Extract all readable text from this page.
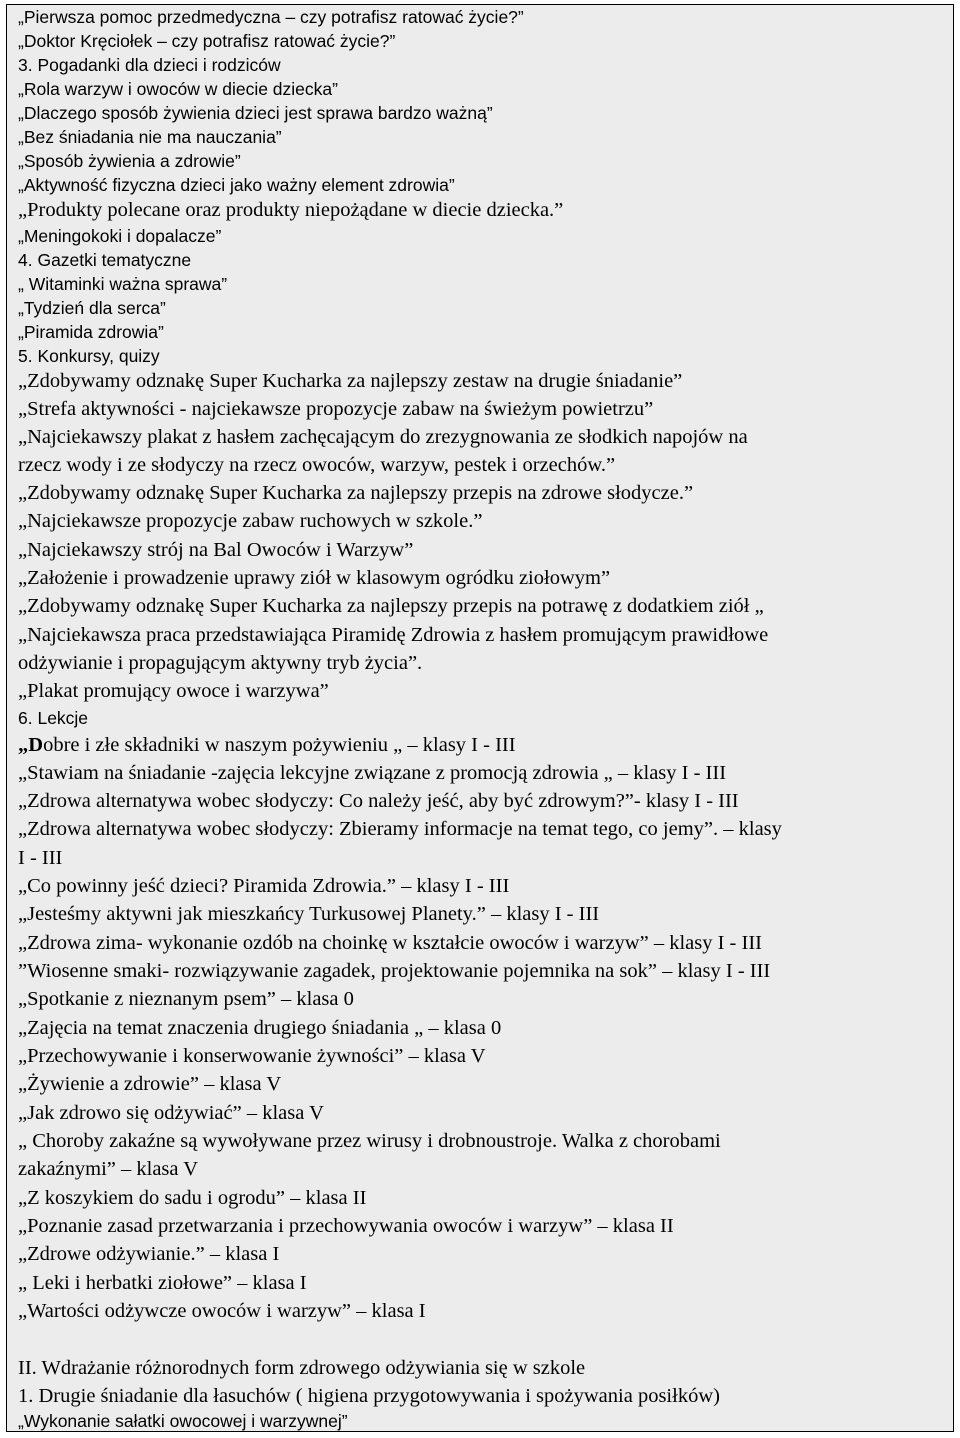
„Pierwsza pomoc przedmedyczna – czy potrafisz ratować życie?”

„Doktor Kręciołek – czy potrafisz ratować życie?”

3. Pogadanki dla dzieci i rodziców

„Rola warzyw i owoców w diecie dziecka”

„Dlaczego sposób żywienia dzieci jest sprawa bardzo ważną”

„Bez śniadania nie ma nauczania”

„Sposób żywienia a zdrowie”

„Aktywność fizyczna dzieci jako ważny element zdrowia”

„Produkty polecane oraz produkty niepożądane w diecie dziecka.”

„Meningokoki i dopalacze”

4. Gazetki tematyczne

„ Witaminki ważna sprawa”

„Tydzień dla serca”

„Piramida zdrowia”

5. Konkursy, quizy

„Zdobywamy odznakę Super Kucharka za najlepszy zestaw na drugie śniadanie”

„Strefa aktywności - najciekawsze propozycje zabaw na świeżym powietrzu”

„Najciekawszy plakat z hasłem zachęcającym do zrezygnowania ze słodkich napojów na

rzecz wody i ze słodyczy na rzecz owoców, warzyw, pestek i orzechów.”

„Zdobywamy odznakę Super Kucharka za najlepszy przepis na zdrowe słodycze.”

„Najciekawsze propozycje zabaw ruchowych w szkole.”

„Najciekawszy strój na Bal Owoców i Warzyw”

„Założenie i prowadzenie uprawy ziół w klasowym ogródku ziołowym”

„Zdobywamy odznakę Super Kucharka za najlepszy przepis na potrawę z dodatkiem ziół „

„Najciekawsza praca przedstawiająca Piramidę Zdrowia z hasłem promującym prawidłowe

odżywianie i propagującym aktywny tryb życia”.

„Plakat promujący owoce i warzywa”

6. Lekcje

„Dobre i złe składniki w naszym pożywieniu „ – klasy I - III

„Stawiam na śniadanie -zajęcia lekcyjne związane z promocją zdrowia „ – klasy I - III

„Zdrowa alternatywa wobec słodyczy: Co należy jeść, aby być zdrowym?”- klasy I - III

„Zdrowa alternatywa wobec słodyczy: Zbieramy informacje na temat tego, co jemy”. – klasy

I - III

„Co powinny jeść dzieci? Piramida Zdrowia.” – klasy I - III

„Jesteśmy aktywni jak mieszkańcy Turkusowej Planety.” – klasy I - III

„Zdrowa zima- wykonanie ozdób na choinkę w kształcie owoców i warzyw” – klasy I - III

”Wiosenne smaki- rozwiązywanie zagadek, projektowanie pojemnika na sok” – klasy I - III

„Spotkanie z nieznanym psem” – klasa 0

„Zajęcia na temat znaczenia drugiego śniadania „ – klasa 0

„Przechowywanie i konserwowanie żywności” – klasa V

„Żywienie a zdrowie” – klasa V

„Jak zdrowo się odżywiać” – klasa V

„ Choroby zakaźne są wywoływane przez wirusy i drobnoustroje. Walka z chorobami

zakaźnymi” – klasa V

„Z koszykiem do sadu i ogrodu” – klasa II

„Poznanie zasad przetwarzania i przechowywania owoców i warzyw” – klasa II

„Zdrowe odżywianie.” – klasa I

„ Leki i herbatki ziołowe” – klasa I

„Wartości odżywcze owoców i warzyw” – klasa I

II. Wdrażanie różnorodnych form zdrowego odżywiania się w szkole

1. Drugie śniadanie dla łasuchów ( higiena przygotowywania i spożywania posiłków)

„Wykonanie sałatki owocowej i warzywnej”
